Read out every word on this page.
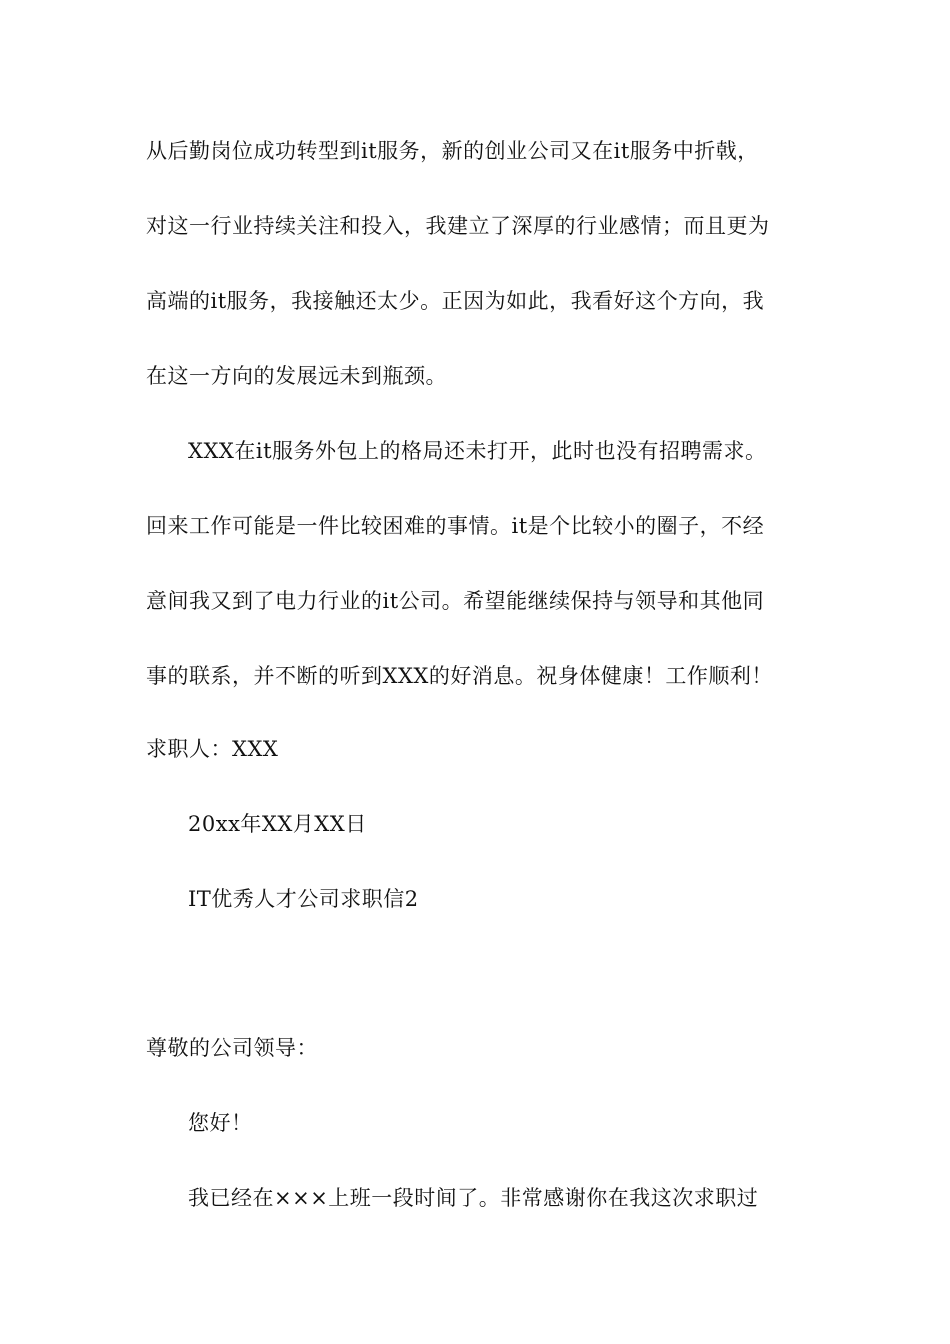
从后勤岗位成功转型到it服务，新的创业公司又在it服务中折戟，
对这一行业持续关注和投入，我建立了深厚的行业感情；而且更为
高端的it服务，我接触还太少。正因为如此，我看好这个方向，我
在这一方向的发展远未到瓶颈。
XXX在it服务外包上的格局还未打开，此时也没有招聘需求。
回来工作可能是一件比较困难的事情。it是个比较小的圈子，不经
意间我又到了电力行业的it公司。希望能继续保持与领导和其他同
事的联系，并不断的听到XXX的好消息。祝身体健康！工作顺利！
求职人：XXX
20xx年XX月XX日
IT优秀人才公司求职信2
尊敬的公司领导：
您好！
我已经在×××上班一段时间了。非常感谢你在我这次求职过
